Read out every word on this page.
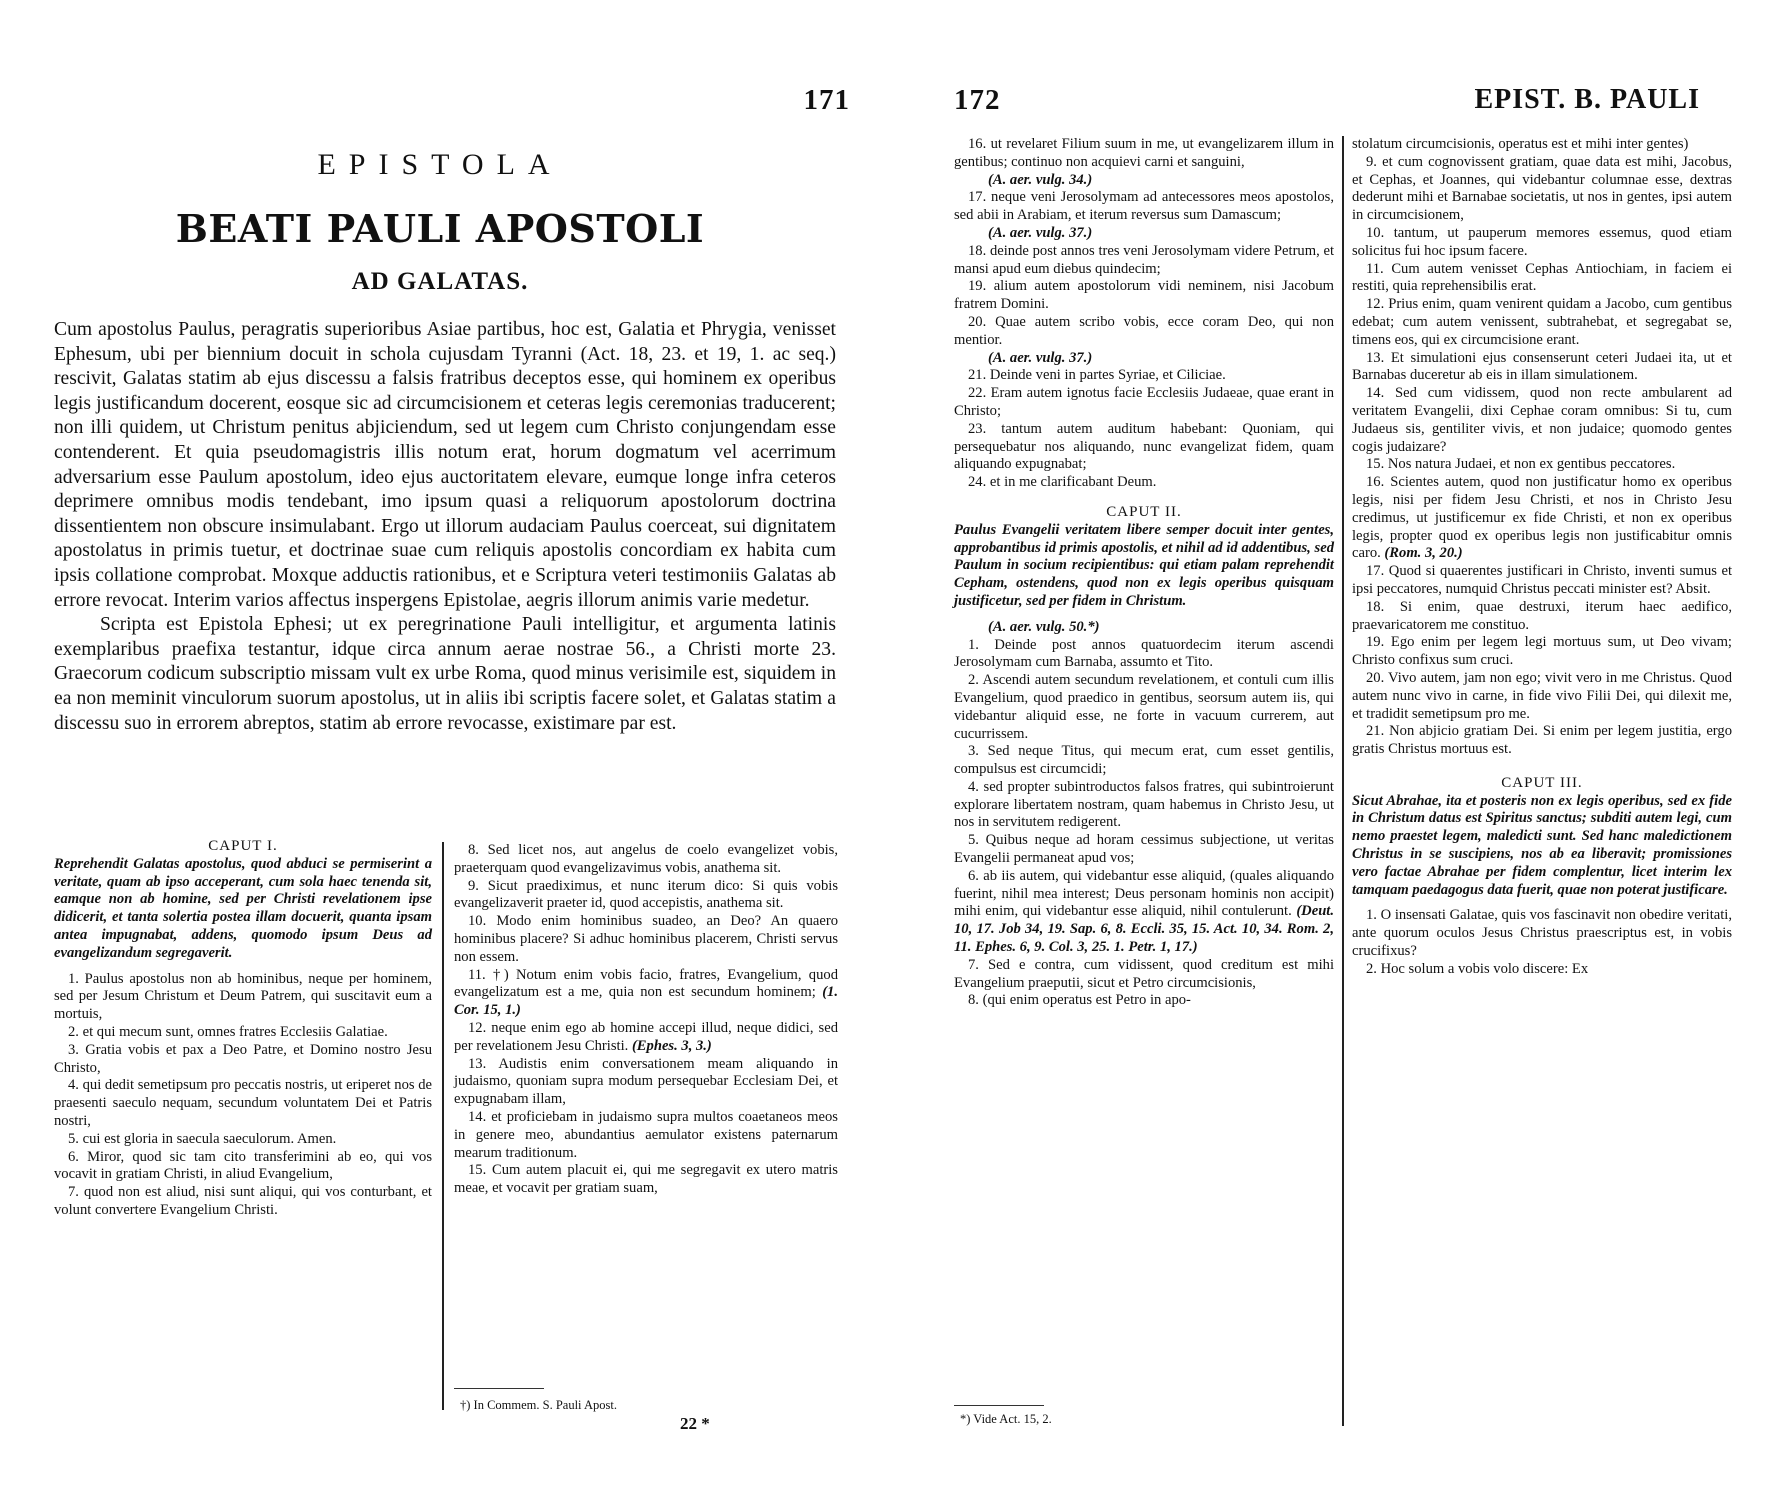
171
EPISTOLA
BEATI PAULI APOSTOLI
AD GALATAS.

Cum apostolus Paulus, peragratis superioribus Asiae partibus, hoc est, Galatia et Phrygia, venisset Ephesum, ubi per biennium docuit in schola cujusdam Tyranni (Act. 18, 23. et 19, 1. ac seq.) rescivit, Galatas statim ab ejus discessu a falsis fratribus deceptos esse, qui hominem ex operibus legis justificandum docerent, eosque sic ad circumcisionem et ceteras legis ceremonias traducerent; non illi quidem, ut Christum penitus abjiciendum, sed ut legem cum Christo conjungendam esse contenderent. Et quia pseudomagistris illis notum erat, horum dogmatum vel acerrimum adversarium esse Paulum apostolum, ideo ejus auctoritatem elevare, eumque longe infra ceteros deprimere omnibus modis tendebant, imo ipsum quasi a reliquorum apostolorum doctrina dissentientem non obscure insimulabant. Ergo ut illorum audaciam Paulus coerceat, sui dignitatem apostolatus in primis tuetur, et doctrinae suae cum reliquis apostolis concordiam ex habita cum ipsis collatione comprobat. Moxque adductis rationibus, et e Scriptura veteri testimoniis Galatas ab errore revocat. Interim varios affectus inspergens Epistolae, aegris illorum animis varie medetur.

Scripta est Epistola Ephesi; ut ex peregrinatione Pauli intelligitur, et argumenta latinis exemplaribus praefixa testantur, idque circa annum aerae nostrae 56., a Christi morte 23. Graecorum codicum subscriptio missam vult ex urbe Roma, quod minus verisimile est, siquidem in ea non meminit vinculorum suorum apostolus, ut in aliis ibi scriptis facere solet, et Galatas statim a discessu suo in errorem abreptos, statim ab errore revocasse, existimare par est.

CAPUT I.

Reprehendit Galatas apostolus, quod abduci se permiserint a veritate, quam ab ipso acceperant, cum sola haec tenenda sit, eamque non ab homine, sed per Christi revelationem ipse didicerit, et tanta solertia postea illam docuerit, quanta ipsam antea impugnabat, addens, quomodo ipsum Deus ad evangelizandum segregaverit.

1. Paulus apostolus non ab hominibus, neque per hominem, sed per Jesum Christum et Deum Patrem, qui suscitavit eum a mortuis,

2. et qui mecum sunt, omnes fratres Ecclesiis Galatiae.

3. Gratia vobis et pax a Deo Patre, et Domino nostro Jesu Christo,

4. qui dedit semetipsum pro peccatis nostris, ut eriperet nos de praesenti saeculo nequam, secundum voluntatem Dei et Patris nostri,

5. cui est gloria in saecula saeculorum. Amen.

6. Miror, quod sic tam cito transferimini ab eo, qui vos vocavit in gratiam Christi, in aliud Evangelium,

7. quod non est aliud, nisi sunt aliqui, qui vos conturbant, et volunt convertere Evangelium Christi.

8. Sed licet nos, aut angelus de coelo evangelizet vobis, praeterquam quod evangelizavimus vobis, anathema sit.

9. Sicut praediximus, et nunc iterum dico: Si quis vobis evangelizaverit praeter id, quod accepistis, anathema sit.

10. Modo enim hominibus suadeo, an Deo? An quaero hominibus placere? Si adhuc hominibus placerem, Christi servus non essem.

11. †) Notum enim vobis facio, fratres, Evangelium, quod evangelizatum est a me, quia non est secundum hominem; (1. Cor. 15, 1.)

12. neque enim ego ab homine accepi illud, neque didici, sed per revelationem Jesu Christi. (Ephes. 3, 3.)

13. Audistis enim conversationem meam aliquando in judaismo, quoniam supra modum persequebar Ecclesiam Dei, et expugnabam illam,

14. et proficiebam in judaismo supra multos coaetaneos meos in genere meo, abundantius aemulator existens paternarum mearum traditionum.

15. Cum autem placuit ei, qui me segregavit ex utero matris meae, et vocavit per gratiam suam,

†) In Commem. S. Pauli Apost.
22 *
172	EPIST. B. PAULI

16. ut revelaret Filium suum in me, ut evangelizarem illum in gentibus; continuo non acquievi carni et sanguini,

(A. aer. vulg. 34.)

17. neque veni Jerosolymam ad antecessores meos apostolos, sed abii in Arabiam, et iterum reversus sum Damascum;

(A. aer. vulg. 37.)

18. deinde post annos tres veni Jerosolymam videre Petrum, et mansi apud eum diebus quindecim;

19. alium autem apostolorum vidi neminem, nisi Jacobum fratrem Domini.

20. Quae autem scribo vobis, ecce coram Deo, qui non mentior.

(A. aer. vulg. 37.)

21. Deinde veni in partes Syriae, et Ciliciae.

22. Eram autem ignotus facie Ecclesiis Judaeae, quae erant in Christo;

23. tantum autem auditum habebant: Quoniam, qui persequebatur nos aliquando, nunc evangelizat fidem, quam aliquando expugnabat;

24. et in me clarificabant Deum.

CAPUT II.

Paulus Evangelii veritatem libere semper docuit inter gentes, approbantibus id primis apostolis, et nihil ad id addentibus, sed Paulum in socium recipientibus: qui etiam palam reprehendit Cepham, ostendens, quod non ex legis operibus quisquam justificetur, sed per fidem in Christum.

(A. aer. vulg. 50.*)

1. Deinde post annos quatuordecim iterum ascendi Jerosolymam cum Barnaba, assumto et Tito.

2. Ascendi autem secundum revelationem, et contuli cum illis Evangelium, quod praedico in gentibus, seorsum autem iis, qui videbantur aliquid esse, ne forte in vacuum currerem, aut cucurrissem.

3. Sed neque Titus, qui mecum erat, cum esset gentilis, compulsus est circumcidi;

4. sed propter subintroductos falsos fratres, qui subintroierunt explorare libertatem nostram, quam habemus in Christo Jesu, ut nos in servitutem redigerent.

5. Quibus neque ad horam cessimus subjectione, ut veritas Evangelii permaneat apud vos;

6. ab iis autem, qui videbantur esse aliquid, (quales aliquando fuerint, nihil mea interest; Deus personam hominis non accipit) mihi enim, qui videbantur esse aliquid, nihil contulerunt. (Deut. 10, 17. Job 34, 19. Sap. 6, 8. Eccli. 35, 15. Act. 10, 34. Rom. 2, 11. Ephes. 6, 9. Col. 3, 25. 1. Petr. 1, 17.)

7. Sed e contra, cum vidissent, quod creditum est mihi Evangelium praeputii, sicut et Petro circumcisionis,

8. (qui enim operatus est Petro in apo-

*) Vide Act. 15, 2.

stolatum circumcisionis, operatus est et mihi inter gentes)

9. et cum cognovissent gratiam, quae data est mihi, Jacobus, et Cephas, et Joannes, qui videbantur columnae esse, dextras dederunt mihi et Barnabae societatis, ut nos in gentes, ipsi autem in circumcisionem,

10. tantum, ut pauperum memores essemus, quod etiam solicitus fui hoc ipsum facere.

11. Cum autem venisset Cephas Antiochiam, in faciem ei restiti, quia reprehensibilis erat.

12. Prius enim, quam venirent quidam a Jacobo, cum gentibus edebat; cum autem venissent, subtrahebat, et segregabat se, timens eos, qui ex circumcisione erant.

13. Et simulationi ejus consenserunt ceteri Judaei ita, ut et Barnabas duceretur ab eis in illam simulationem.

14. Sed cum vidissem, quod non recte ambularent ad veritatem Evangelii, dixi Cephae coram omnibus: Si tu, cum Judaeus sis, gentiliter vivis, et non judaice; quomodo gentes cogis judaizare?

15. Nos natura Judaei, et non ex gentibus peccatores.

16. Scientes autem, quod non justificatur homo ex operibus legis, nisi per fidem Jesu Christi, et nos in Christo Jesu credimus, ut justificemur ex fide Christi, et non ex operibus legis, propter quod ex operibus legis non justificabitur omnis caro. (Rom. 3, 20.)

17. Quod si quaerentes justificari in Christo, inventi sumus et ipsi peccatores, numquid Christus peccati minister est? Absit.

18. Si enim, quae destruxi, iterum haec aedifico, praevaricatorem me constituo.

19. Ego enim per legem legi mortuus sum, ut Deo vivam; Christo confixus sum cruci.

20. Vivo autem, jam non ego; vivit vero in me Christus. Quod autem nunc vivo in carne, in fide vivo Filii Dei, qui dilexit me, et tradidit semetipsum pro me.

21. Non abjicio gratiam Dei. Si enim per legem justitia, ergo gratis Christus mortuus est.

CAPUT III.

Sicut Abrahae, ita et posteris non ex legis operibus, sed ex fide in Christum datus est Spiritus sanctus; subditi autem legi, cum nemo praestet legem, maledicti sunt. Sed hanc maledictionem Christus in se suscipiens, nos ab ea liberavit; promissiones vero factae Abrahae per fidem complentur, licet interim lex tamquam paedagogus data fuerit, quae non poterat justificare.

1. O insensati Galatae, quis vos fascinavit non obedire veritati, ante quorum oculos Jesus Christus praescriptus est, in vobis crucifixus?

2. Hoc solum a vobis volo discere: Ex
